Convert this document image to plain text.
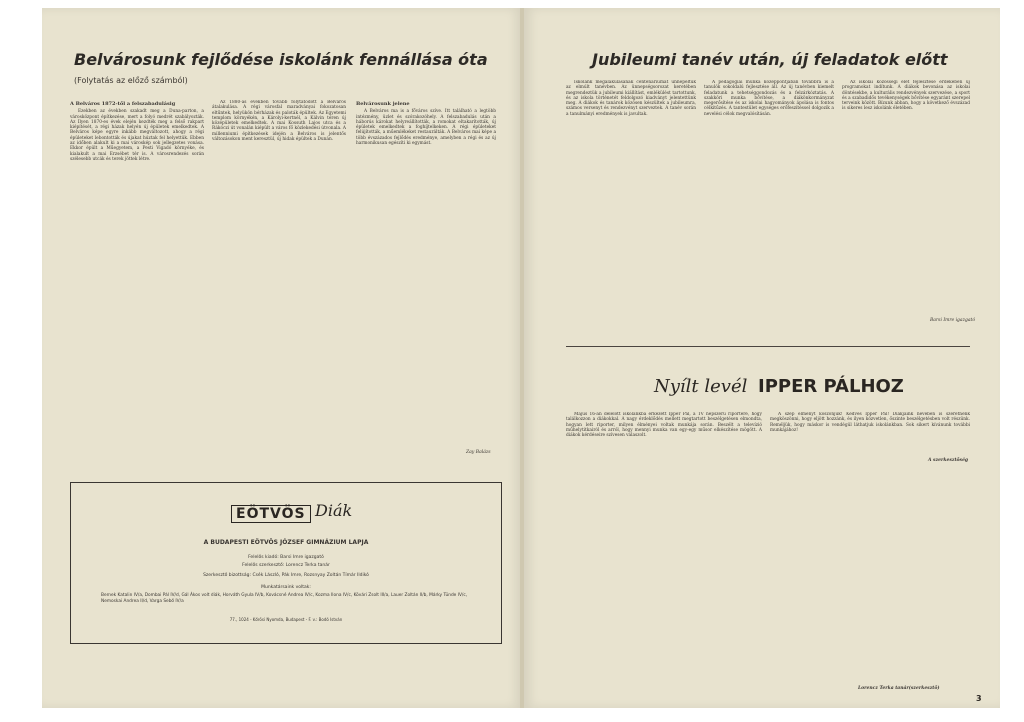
Belvárosunk fejlődése iskolánk fennállása óta
(Folytatás az előző számból)
A Belváros 1872-től a felszabadulásig

Ezekben az években szakadt meg a Duna-parton, a városközpont építkezése, mert a folyó medrét szabályozták. Az Ilyen 1870-es évek elején kezdték meg a felső rakpart kiépítését, a régi házak helyén új épületek emelkedtek. A Belváros képe egyre inkább megváltozott, ahogy a régi épületeket lebontották és újakat húztak fel helyettük. Ebben az időben alakult ki a mai városkép sok jellegzetes vonása. Ekkor épült a Műegyetem, a Pesti Vigadó környéke, és kialakult a mai Erzsébet tér is. A városrendezés során szélesebb utcák és terek jöttek létre.

Az 1880-as években tovább folytatódott a Belváros átalakulása. A régi városfal maradványai fokozatosan eltűntek, helyükön bérházak és paloták épültek. Az Egyetemi templom környékén, a Károlyi-kertnél, a Kálvin téren új középületek emelkedtek. A mai Kossuth Lajos utca és a Rákóczi út vonalán kiépült a város fő közlekedési útvonala. A millenniumi építkezések idején a Belváros is jelentős változásokon ment keresztül, új hidak épültek a Dunán.

Belvárosunk jelene

A Belváros ma is a főváros szíve. Itt található a legtöbb intézmény, üzlet és szórakozóhely. A felszabadulás után a háborús károkat helyreállították, a romokat eltakarították, új épületek emelkedtek a foghíjtelkeken. A régi épületeket felújították, a műemlékeket restaurálták. A Belváros mai képe a több évszázados fejlődés eredménye, amelyben a régi és az új harmonikusan egészíti ki egymást.

Zay Balázs
EÖTVÖS Diák
A BUDAPESTI EÖTVÖS JÓZSEF GIMNÁZIUM LAPJA
Felelős kiadó: Barsi Imre igazgató
Felelős szerkesztő: Lorencz Terka tanár
Szerkesztő bizottság: Csék László, Pák Imre, Rozsnyay Zoltán Tímár Ildikó
Munkatársaink voltak:
Bernek Katalin IV/a, Dombai Pál IV/d, Gál Ákos volt diák, Horváth Gyula IV/b, Kovácsné Andrea IV/c, Kozma Ilona IV/c, Kövári Zsolt III/a, Lauer Zoltán II/b, Márky Tünde IV/c, Nemoskai Andrea II/d, Varga Sebő IV/a
77., 1024 - Kőrösi Nyomda, Budapest - F. v.: Bodó István
Jubileumi tanév után, új feladatok előtt

Iskolánk megalakulásának centenáriumát ünnepeltük az elmúlt tanévben. Az ünnepségsorozat keretében megrendeztük a jubileumi kiállítást, emlékülést tartottunk, és az iskola történetét feldolgozó kiadványt jelentettünk meg. A diákok és tanárok közösen készültek a jubileumra, számos versenyt és rendezvényt szerveztek. A tanév során a tanulmányi eredmények is javultak.

A pedagógiai munka középpontjában továbbra is a tanulók sokoldalú fejlesztése áll. Az új tanévben kiemelt feladatunk a tehetséggondozás és a felzárkóztatás. A szakköri munka bővítése, a diákönkormányzat megerősítése és az iskolai hagyományok ápolása is fontos célkitűzés. A tantestület egységes erőfeszítéssel dolgozik a nevelési célok megvalósításán.

Az iskolai közösségi élet fejlesztése érdekében új programokat indítunk. A diákok bevonása az iskolai döntésekbe, a kulturális rendezvények szervezése, a sport és a szabadidős tevékenységek bővítése egyaránt szerepel terveink között. Bízunk abban, hogy a következő évszázad is sikeres lesz iskolánk életében.

Barsi Imre igazgató
Nyílt levél IPPER PÁLHOZ

Május 16-án délelőtt iskolánkba érkezett Ipper Pál, a TV népszerű riportere, hogy találkozzon a diákokkal. A nagy érdeklődés mellett megtartott beszélgetésen elmondta, hogyan lett riporter, milyen élményei voltak munkája során. Beszélt a televízió műhelytitkairól és arról, hogy mennyi munka van egy-egy műsor elkészítése mögött. A diákok kérdéseire szívesen válaszolt.

A szép élményt köszönjük! Kedves Ipper Pál! Diákjaink nevében is szeretnénk megköszönni, hogy eljött hozzánk, és ilyen közvetlen, őszinte beszélgetésben volt részünk. Reméljük, hogy máskor is vendégül láthatjuk iskolánkban. Sok sikert kívánunk további munkájához!

A szerkesztőség
Lorencz Terka tanár(szerkesztő)
3
